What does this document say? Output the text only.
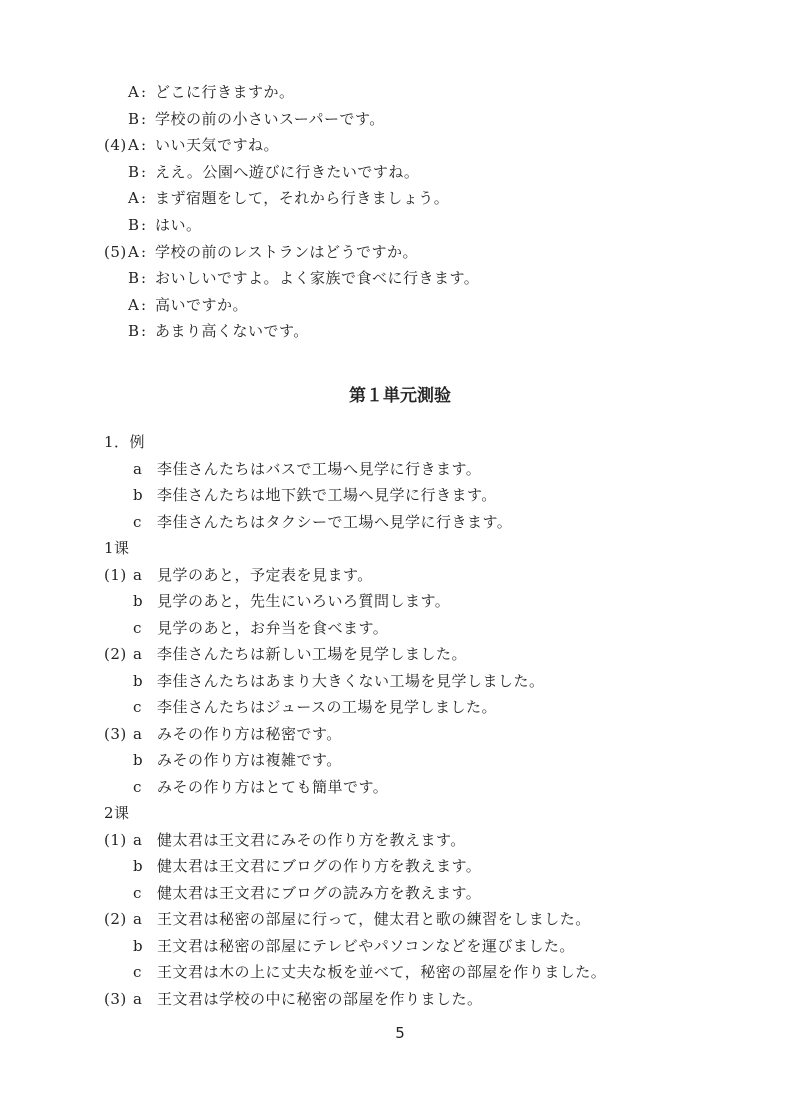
A : どこに行きますか。
B : 学校の前の小さいスーパーです。
(4) A : いい天気ですね。
B : ええ。公園へ遊びに行きたいですね。
A : まず宿題をして，それから行きましょう。
B : はい。
(5) A : 学校の前のレストランはどうですか。
B : おいしいですよ。よく家族で食べに行きます。
A : 高いですか。
B : あまり高くないです。
第１単元測验
1．例
a 李佳さんたちはバスで工場へ見学に行きます。
b 李佳さんたちは地下鉄で工場へ見学に行きます。
c 李佳さんたちはタクシーで工場へ見学に行きます。
1课
(1) a 見学のあと，予定表を見ます。
b 見学のあと，先生にいろいろ質問します。
c 見学のあと，お弁当を食べます。
(2) a 李佳さんたちは新しい工場を見学しました。
b 李佳さんたちはあまり大きくない工場を見学しました。
c 李佳さんたちはジュースの工場を見学しました。
(3) a みその作り方は秘密です。
b みその作り方は複雑です。
c みその作り方はとても簡単です。
2课
(1) a 健太君は王文君にみその作り方を教えます。
b 健太君は王文君にブログの作り方を教えます。
c 健太君は王文君にブログの読み方を教えます。
(2) a 王文君は秘密の部屋に行って，健太君と歌の練習をしました。
b 王文君は秘密の部屋にテレビやパソコンなどを運びました。
c 王文君は木の上に丈夫な板を並べて，秘密の部屋を作りました。
(3) a 王文君は学校の中に秘密の部屋を作りました。
5
